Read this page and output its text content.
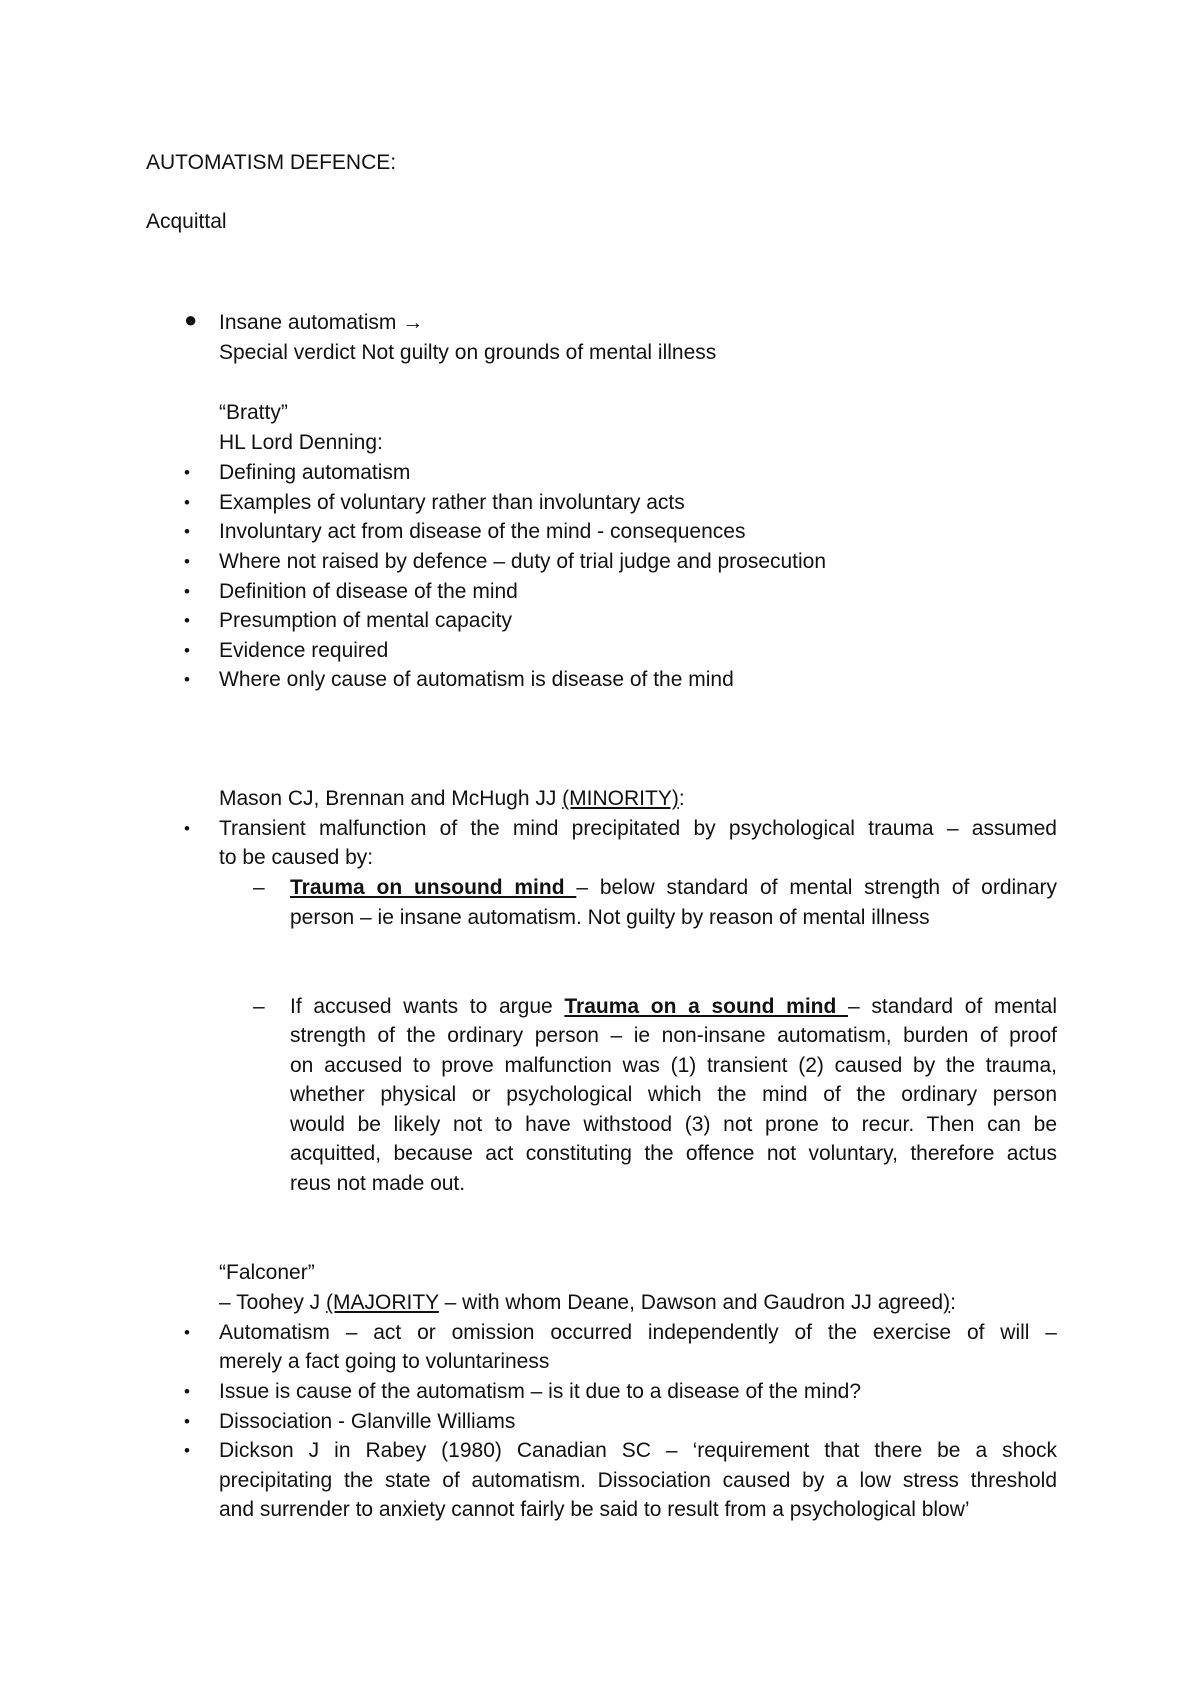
AUTOMATISM DEFENCE:
Acquittal
● Insane automatism →
Special verdict Not guilty on grounds of mental illness
“Bratty”
HL Lord Denning:
• Defining automatism
• Examples of voluntary rather than involuntary acts
• Involuntary act from disease of the mind - consequences
• Where not raised by defence – duty of trial judge and prosecution
• Definition of disease of the mind
• Presumption of mental capacity
• Evidence required
• Where only cause of automatism is disease of the mind
Mason CJ, Brennan and McHugh JJ (MINORITY):
• Transient malfunction of the mind precipitated by psychological trauma – assumed
to be caused by:
– Trauma on unsound mind – below standard of mental strength of ordinary
person – ie insane automatism. Not guilty by reason of mental illness
– If accused wants to argue Trauma on a sound mind – standard of mental
strength of the ordinary person – ie non-insane automatism, burden of proof
on accused to prove malfunction was (1) transient (2) caused by the trauma,
whether physical or psychological which the mind of the ordinary person
would be likely not to have withstood (3) not prone to recur. Then can be
acquitted, because act constituting the offence not voluntary, therefore actus
reus not made out.
“Falconer”
– Toohey J (MAJORITY – with whom Deane, Dawson and Gaudron JJ agreed):
• Automatism – act or omission occurred independently of the exercise of will –
merely a fact going to voluntariness
• Issue is cause of the automatism – is it due to a disease of the mind?
• Dissociation - Glanville Williams
• Dickson J in Rabey (1980) Canadian SC – ‘requirement that there be a shock
precipitating the state of automatism. Dissociation caused by a low stress threshold
and surrender to anxiety cannot fairly be said to result from a psychological blow’
